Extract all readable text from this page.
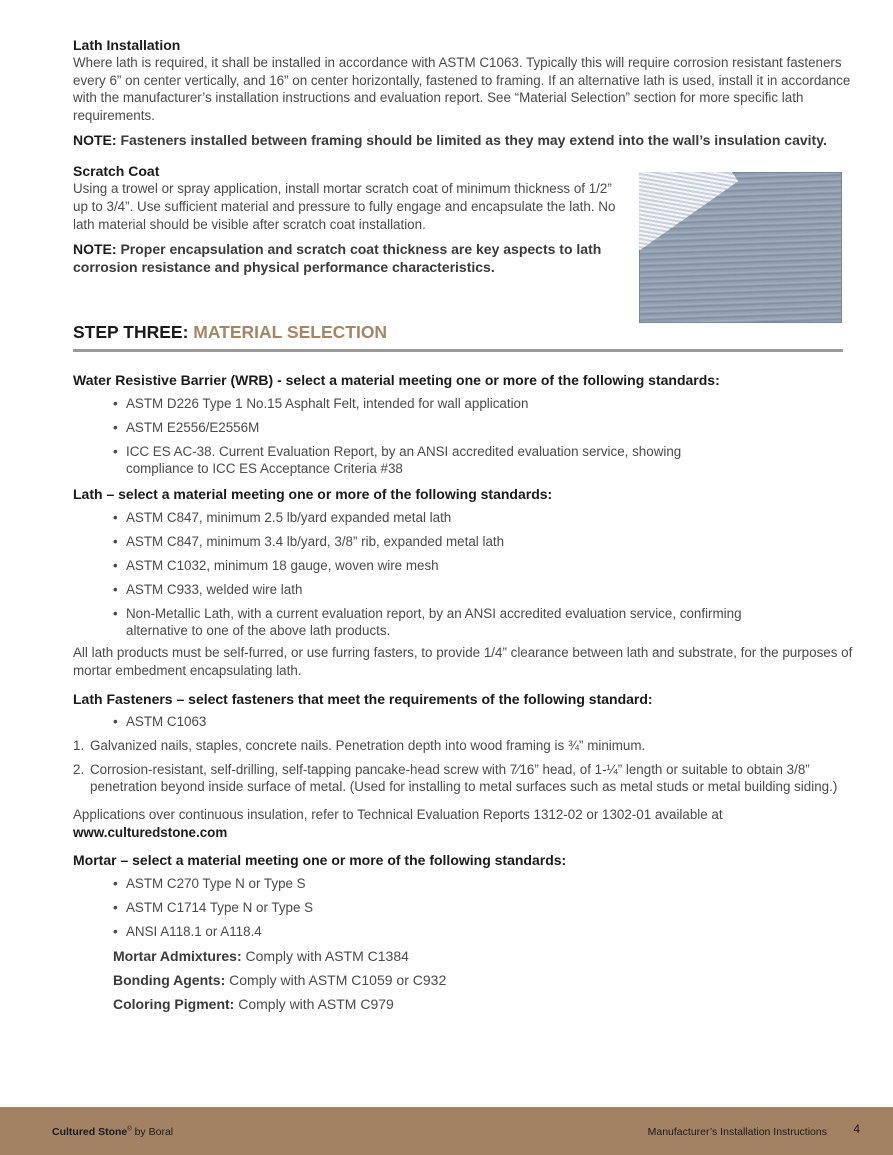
Lath Installation

Where lath is required, it shall be installed in accordance with ASTM C1063. Typically this will require corrosion resistant fasteners every 6” on center vertically, and 16” on center horizontally, fastened to framing. If an alternative lath is used, install it in accordance with the manufacturer’s installation instructions and evaluation report. See “Material Selection” section for more specific lath requirements.

NOTE: Fasteners installed between framing should be limited as they may extend into the wall’s insulation cavity.

Scratch Coat

Using a trowel or spray application, install mortar scratch coat of minimum thickness of 1/2” up to 3/4”. Use sufficient material and pressure to fully engage and encapsulate the lath. No lath material should be visible after scratch coat installation.

NOTE: Proper encapsulation and scratch coat thickness are key aspects to lath corrosion resistance and physical performance characteristics.

STEP THREE: MATERIAL SELECTION

Water Resistive Barrier (WRB) - select a material meeting one or more of the following standards:

• ASTM D226 Type 1 No.15 Asphalt Felt, intended for wall application
• ASTM E2556/E2556M
• ICC ES AC-38. Current Evaluation Report, by an ANSI accredited evaluation service, showing compliance to ICC ES Acceptance Criteria #38

Lath – select a material meeting one or more of the following standards:

• ASTM C847, minimum 2.5 lb/yard expanded metal lath
• ASTM C847, minimum 3.4 lb/yard, 3/8” rib, expanded metal lath
• ASTM C1032, minimum 18 gauge, woven wire mesh
• ASTM C933, welded wire lath
• Non-Metallic Lath, with a current evaluation report, by an ANSI accredited evaluation service, confirming alternative to one of the above lath products.

All lath products must be self-furred, or use furring fasters, to provide 1/4” clearance between lath and substrate, for the purposes of mortar embedment encapsulating lath.

Lath Fasteners – select fasteners that meet the requirements of the following standard:

• ASTM C1063
1. Galvanized nails, staples, concrete nails. Penetration depth into wood framing is ¾” minimum.
2. Corrosion-resistant, self-drilling, self-tapping pancake-head screw with 7⁄16” head, of 1-¼” length or suitable to obtain 3/8” penetration beyond inside surface of metal. (Used for installing to metal surfaces such as metal studs or metal building siding.)

Applications over continuous insulation, refer to Technical Evaluation Reports 1312-02 or 1302-01 available at
www.culturedstone.com

Mortar – select a material meeting one or more of the following standards:

• ASTM C270 Type N or Type S
• ASTM C1714 Type N or Type S
• ANSI A118.1 or A118.4
Mortar Admixtures: Comply with ASTM C1384
Bonding Agents: Comply with ASTM C1059 or C932
Coloring Pigment: Comply with ASTM C979
Cultured Stone® by Boral	Manufacturer’s Installation Instructions 4
